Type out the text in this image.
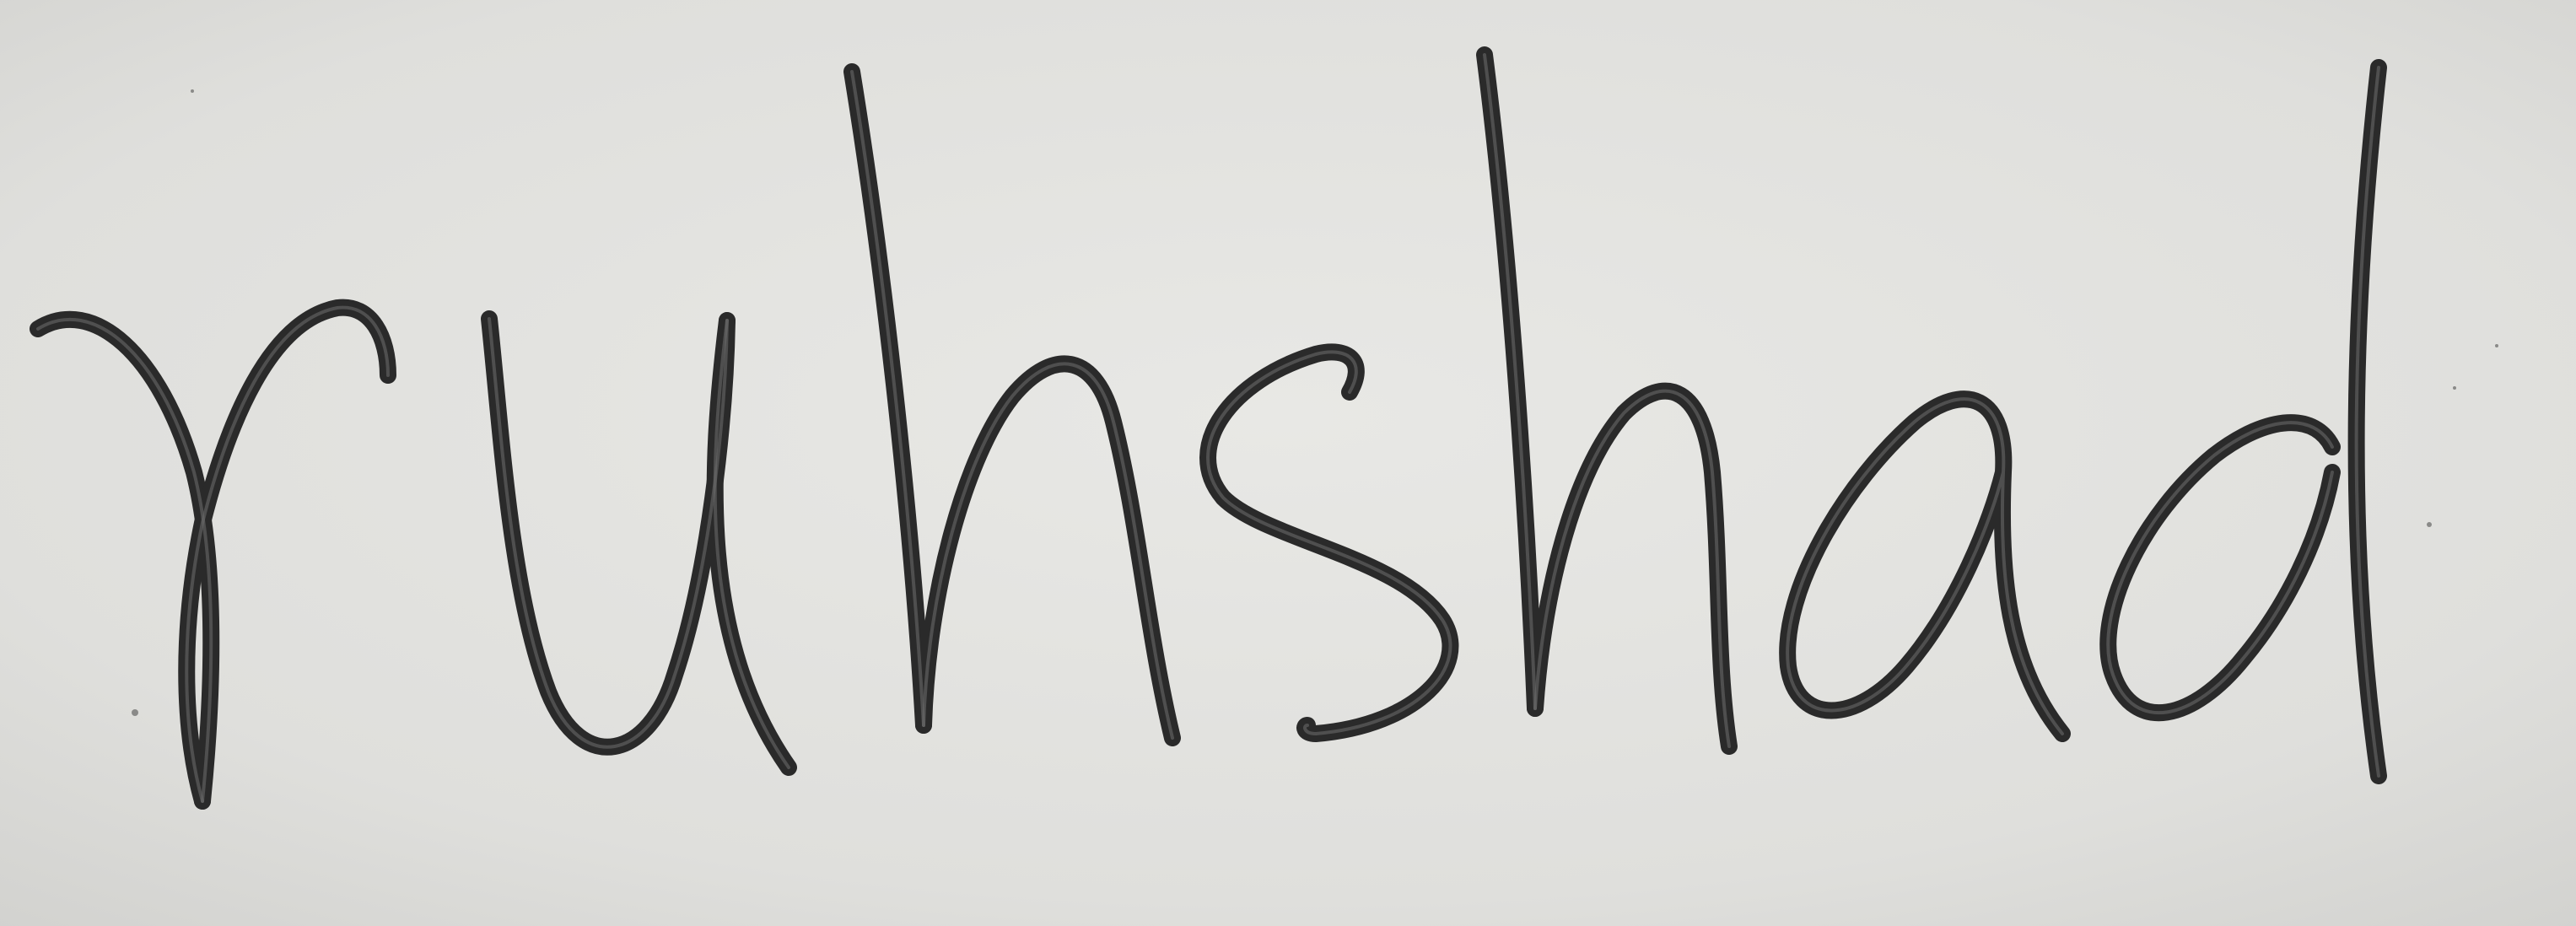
ruhshad
